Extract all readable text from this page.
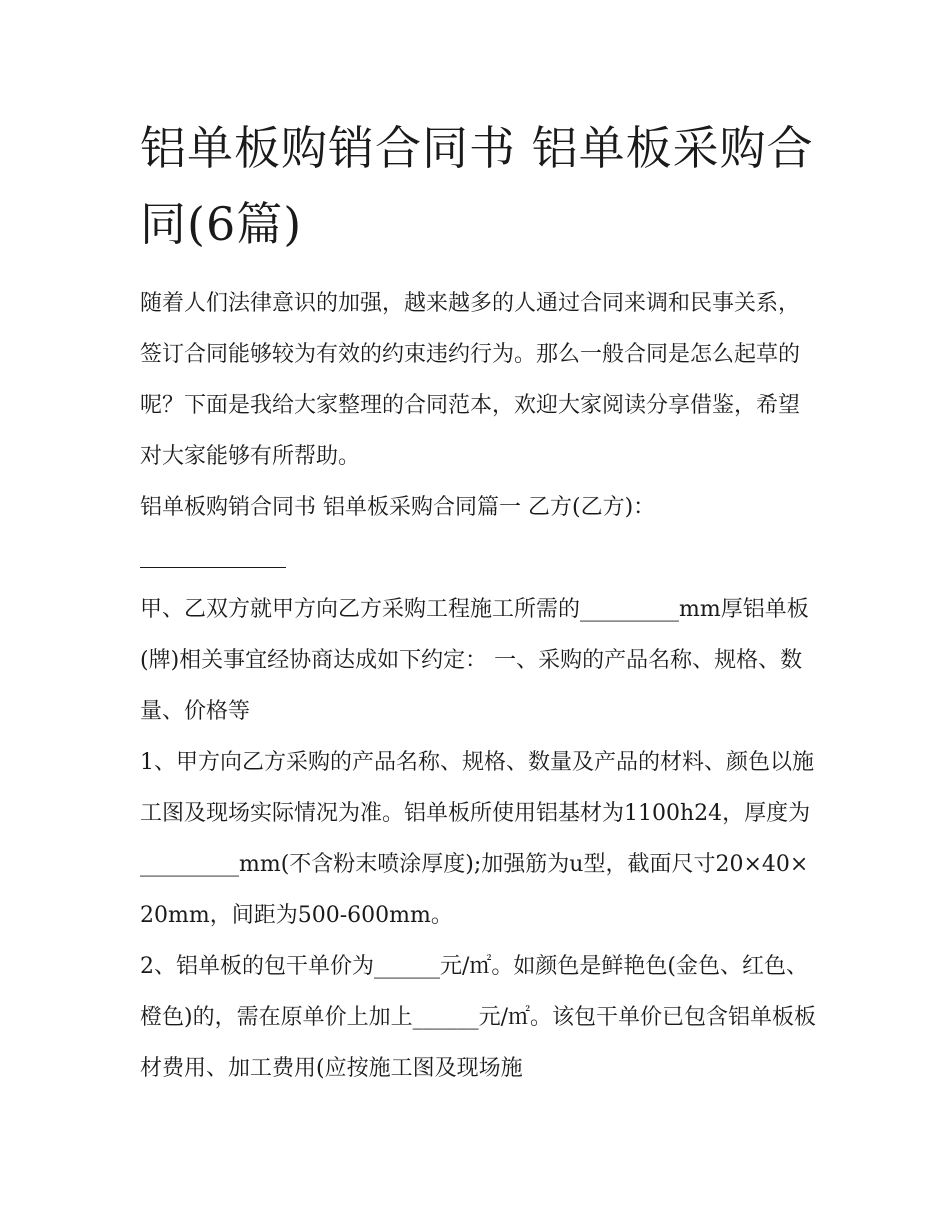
铝单板购销合同书 铝单板采购合同(6篇)

随着人们法律意识的加强，越来越多的人通过合同来调和民事关系，签订合同能够较为有效的约束违约行为。那么一般合同是怎么起草的呢？下面是我给大家整理的合同范本，欢迎大家阅读分享借鉴，希望对大家能够有所帮助。

铝单板购销合同书 铝单板采购合同篇一 乙方(乙方)：

甲、乙双方就甲方向乙方采购工程施工所需的_________mm厚铝单板(牌)相关事宜经协商达成如下约定： 一、采购的产品名称、规格、数量、价格等

1、甲方向乙方采购的产品名称、规格、数量及产品的材料、颜色以施工图及现场实际情况为准。铝单板所使用铝基材为1100h24，厚度为_________mm(不含粉末喷涂厚度);加强筋为u型，截面尺寸20×40×20mm，间距为500-600mm。

2、铝单板的包干单价为______元/㎡。如颜色是鲜艳色(金色、红色、橙色)的，需在原单价上加上______元/㎡。该包干单价已包含铝单板板材费用、加工费用(应按施工图及现场施
